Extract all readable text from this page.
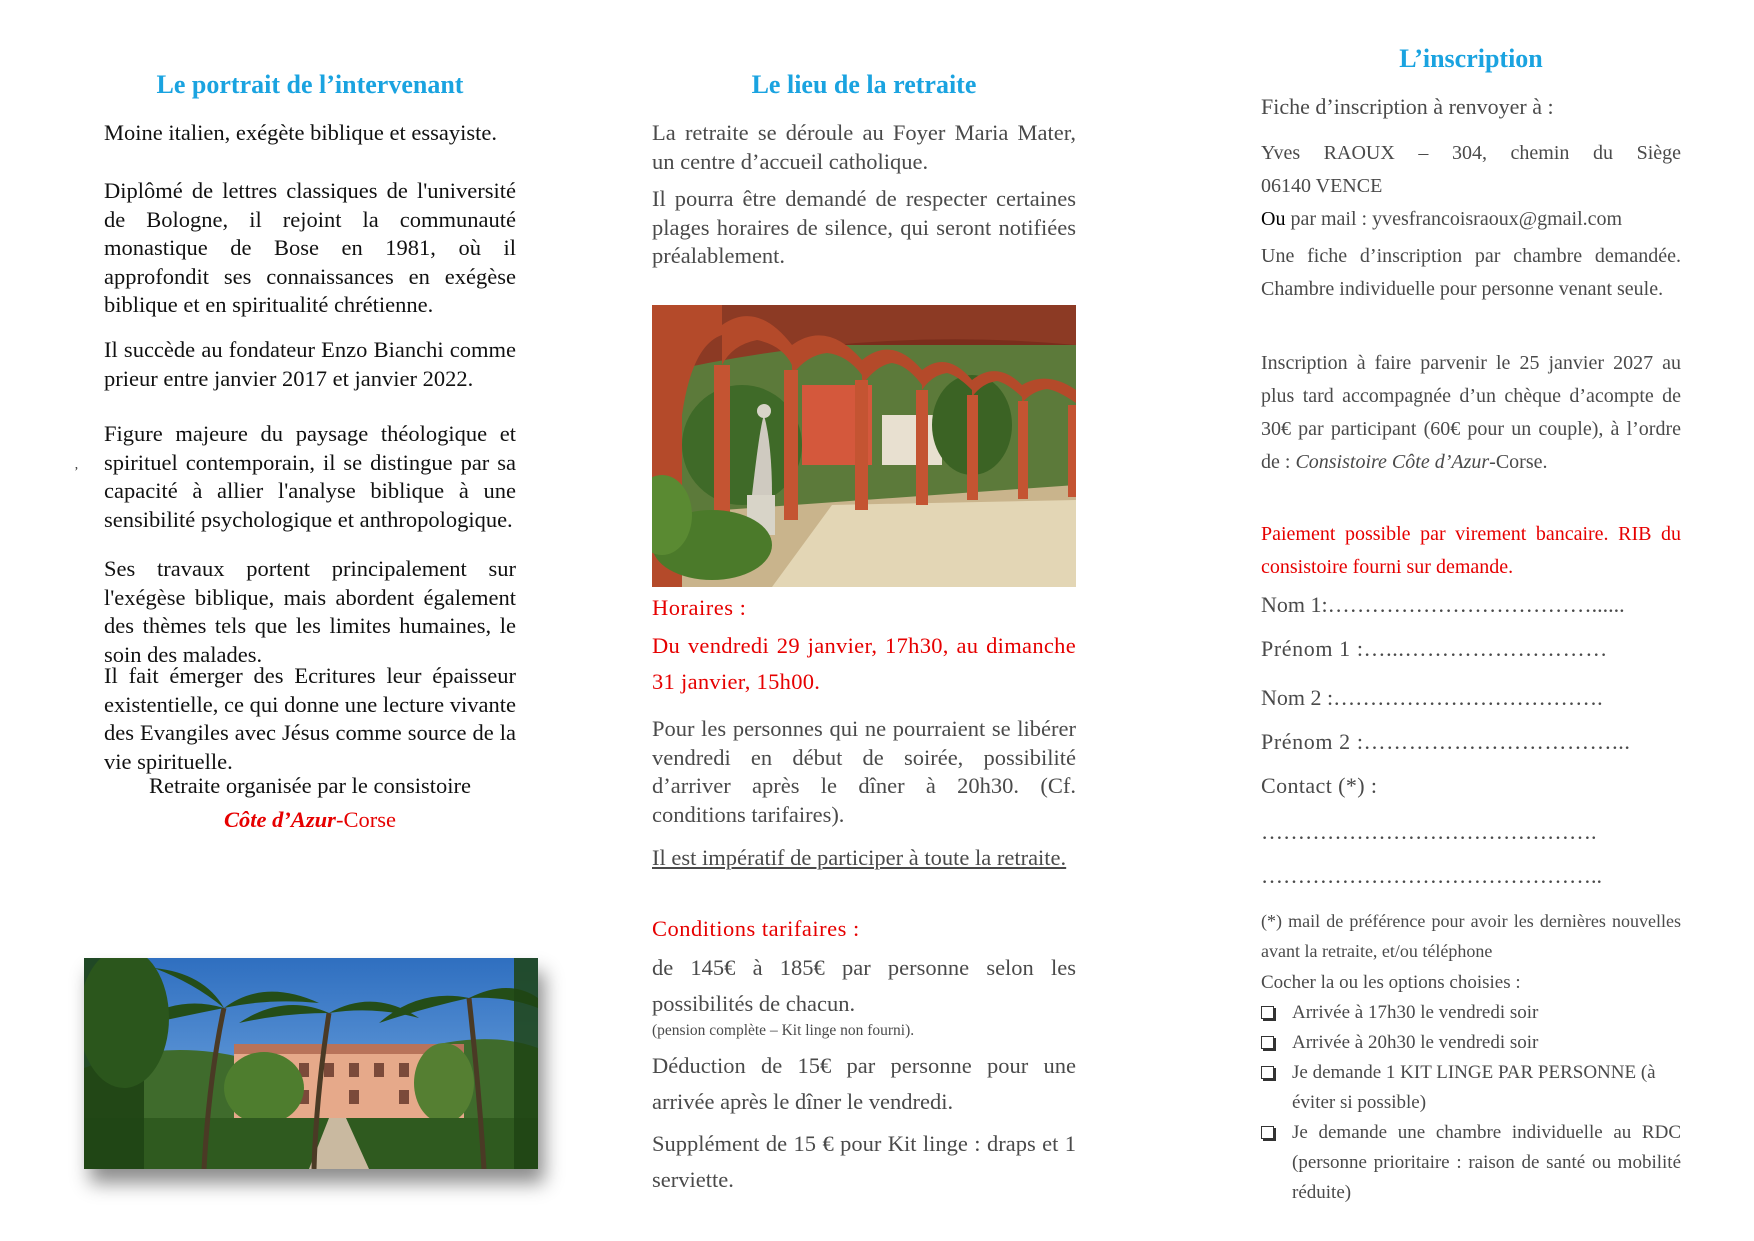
Le portrait de l’intervenant

Moine italien, exégète biblique et essayiste.

Diplômé de lettres classiques de l'université de Bologne, il rejoint la communauté monastique de Bose en 1981, où il approfondit ses connaissances en exégèse biblique et en spiritualité chrétienne.

Il succède au fondateur Enzo Bianchi comme prieur entre janvier 2017 et janvier 2022.

Figure majeure du paysage théologique et spirituel contemporain, il se distingue par sa capacité à allier l'analyse biblique à une sensibilité psychologique et anthropologique.

Ses travaux portent principalement sur l'exégèse biblique, mais abordent également des thèmes tels que les limites humaines, le soin des malades.

Il fait émerger des Ecritures leur épaisseur existentielle, ce qui donne une lecture vivante des Evangiles avec Jésus comme source de la vie spirituelle.

Retraite organisée par le consistoire

Côte d’Azur-Corse

’
Le lieu de la retraite

La retraite se déroule au Foyer Maria Mater, un centre d’accueil catholique.

Il pourra être demandé de respecter certaines plages horaires de silence, qui seront notifiées préalablement.

Horaires :

Du vendredi 29 janvier, 17h30, au dimanche 31 janvier, 15h00.

Pour les personnes qui ne pourraient se libérer vendredi en début de soirée, possibilité d’arriver après le dîner à 20h30. (Cf. conditions tarifaires).

Il est impératif de participer à toute la retraite.

Conditions tarifaires :

de 145€ à 185€ par personne selon les possibilités de chacun.

(pension complète – Kit linge non fourni).

Déduction de 15€ par personne pour une arrivée après le dîner le vendredi.

Supplément de 15 € pour Kit linge : draps et 1 serviette.

L’inscription

Fiche d’inscription à renvoyer à :

Yves RAOUX – 304, chemin du Siège

06140 VENCE

Ou par mail : yvesfrancoisraoux@gmail.com

Une fiche d’inscription par chambre demandée. Chambre individuelle pour personne venant seule.

Inscription à faire parvenir le 25 janvier 2027 au plus tard accompagnée d’un chèque d’acompte de 30€ par participant (60€ pour un couple), à l’ordre de : Consistoire Côte d’Azur-Corse.

Paiement possible par virement bancaire. RIB du consistoire fourni sur demande.

Nom 1:………………………………......

Prénom 1 :…...………………………

Nom 2 :……………………………….

Prénom 2 :……………………………...

Contact (*) :

……………………………………….

………………………………………..

(*) mail de préférence pour avoir les dernières nouvelles avant la retraite, et/ou téléphone

Cocher la ou les options choisies :

Arrivée à 17h30 le vendredi soir
Arrivée à 20h30 le vendredi soir
Je demande 1 KIT LINGE PAR PERSONNE (à éviter si possible)
Je demande une chambre individuelle au RDC (personne prioritaire : raison de santé ou mobilité réduite)
